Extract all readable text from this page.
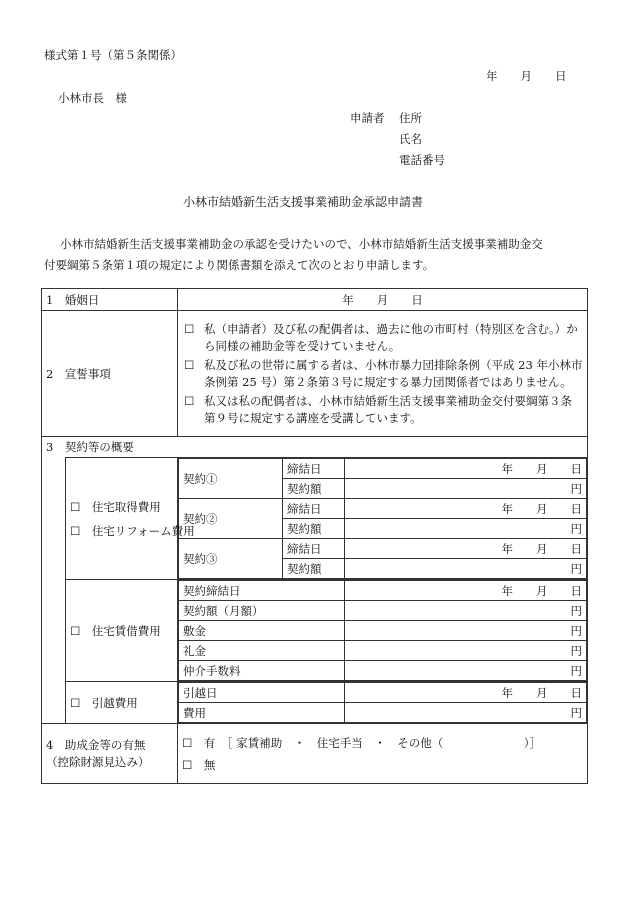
様式第１号（第５条関係）
年　　月　　日
小林市長　様
申請者 住所
氏名
電話番号
小林市結婚新生活支援事業補助金承認申請書
小林市結婚新生活支援事業補助金の承認を受けたいので、小林市結婚新生活支援事業補助金交
付要綱第５条第１項の規定により関係書類を添えて次のとおり申請します。
1　婚姻日	年　　月　　日
2　宣誓事項	
☐ 私（申請者）及び私の配偶者は、過去に他の市町村（特別区を含む。）から同様の補助金等を受けていません。
☐ 私及び私の世帯に属する者は、小林市暴力団排除条例（平成 23 年小林市条例第 25 号）第２条第３号に規定する暴力団関係者ではありません。
☐ 私又は私の配偶者は、小林市結婚新生活支援事業補助金交付要綱第３条第９号に規定する講座を受講しています。

3　契約等の概要

☐　 住宅取得費用
☐　 住宅リフォーム費用

契約①	締結日	年　　月　　日
契約額	円
契約②	締結日	年　　月　　日
契約額	円
契約③	締結日	年　　月　　日
契約額	円

☐　 住宅賃借費用

契約締結日	年　　月　　日
契約額（月額）	円
敷金	円
礼金	円
仲介手数料	円

☐　 引越費用

引越日	年　　月　　日
費用	円

4　助成金等の有無
（控除財源見込み）

☐　 有　 ［ 家賃補助　・　住宅手当　・　その他（　　　　　　　）］
☐　 無
